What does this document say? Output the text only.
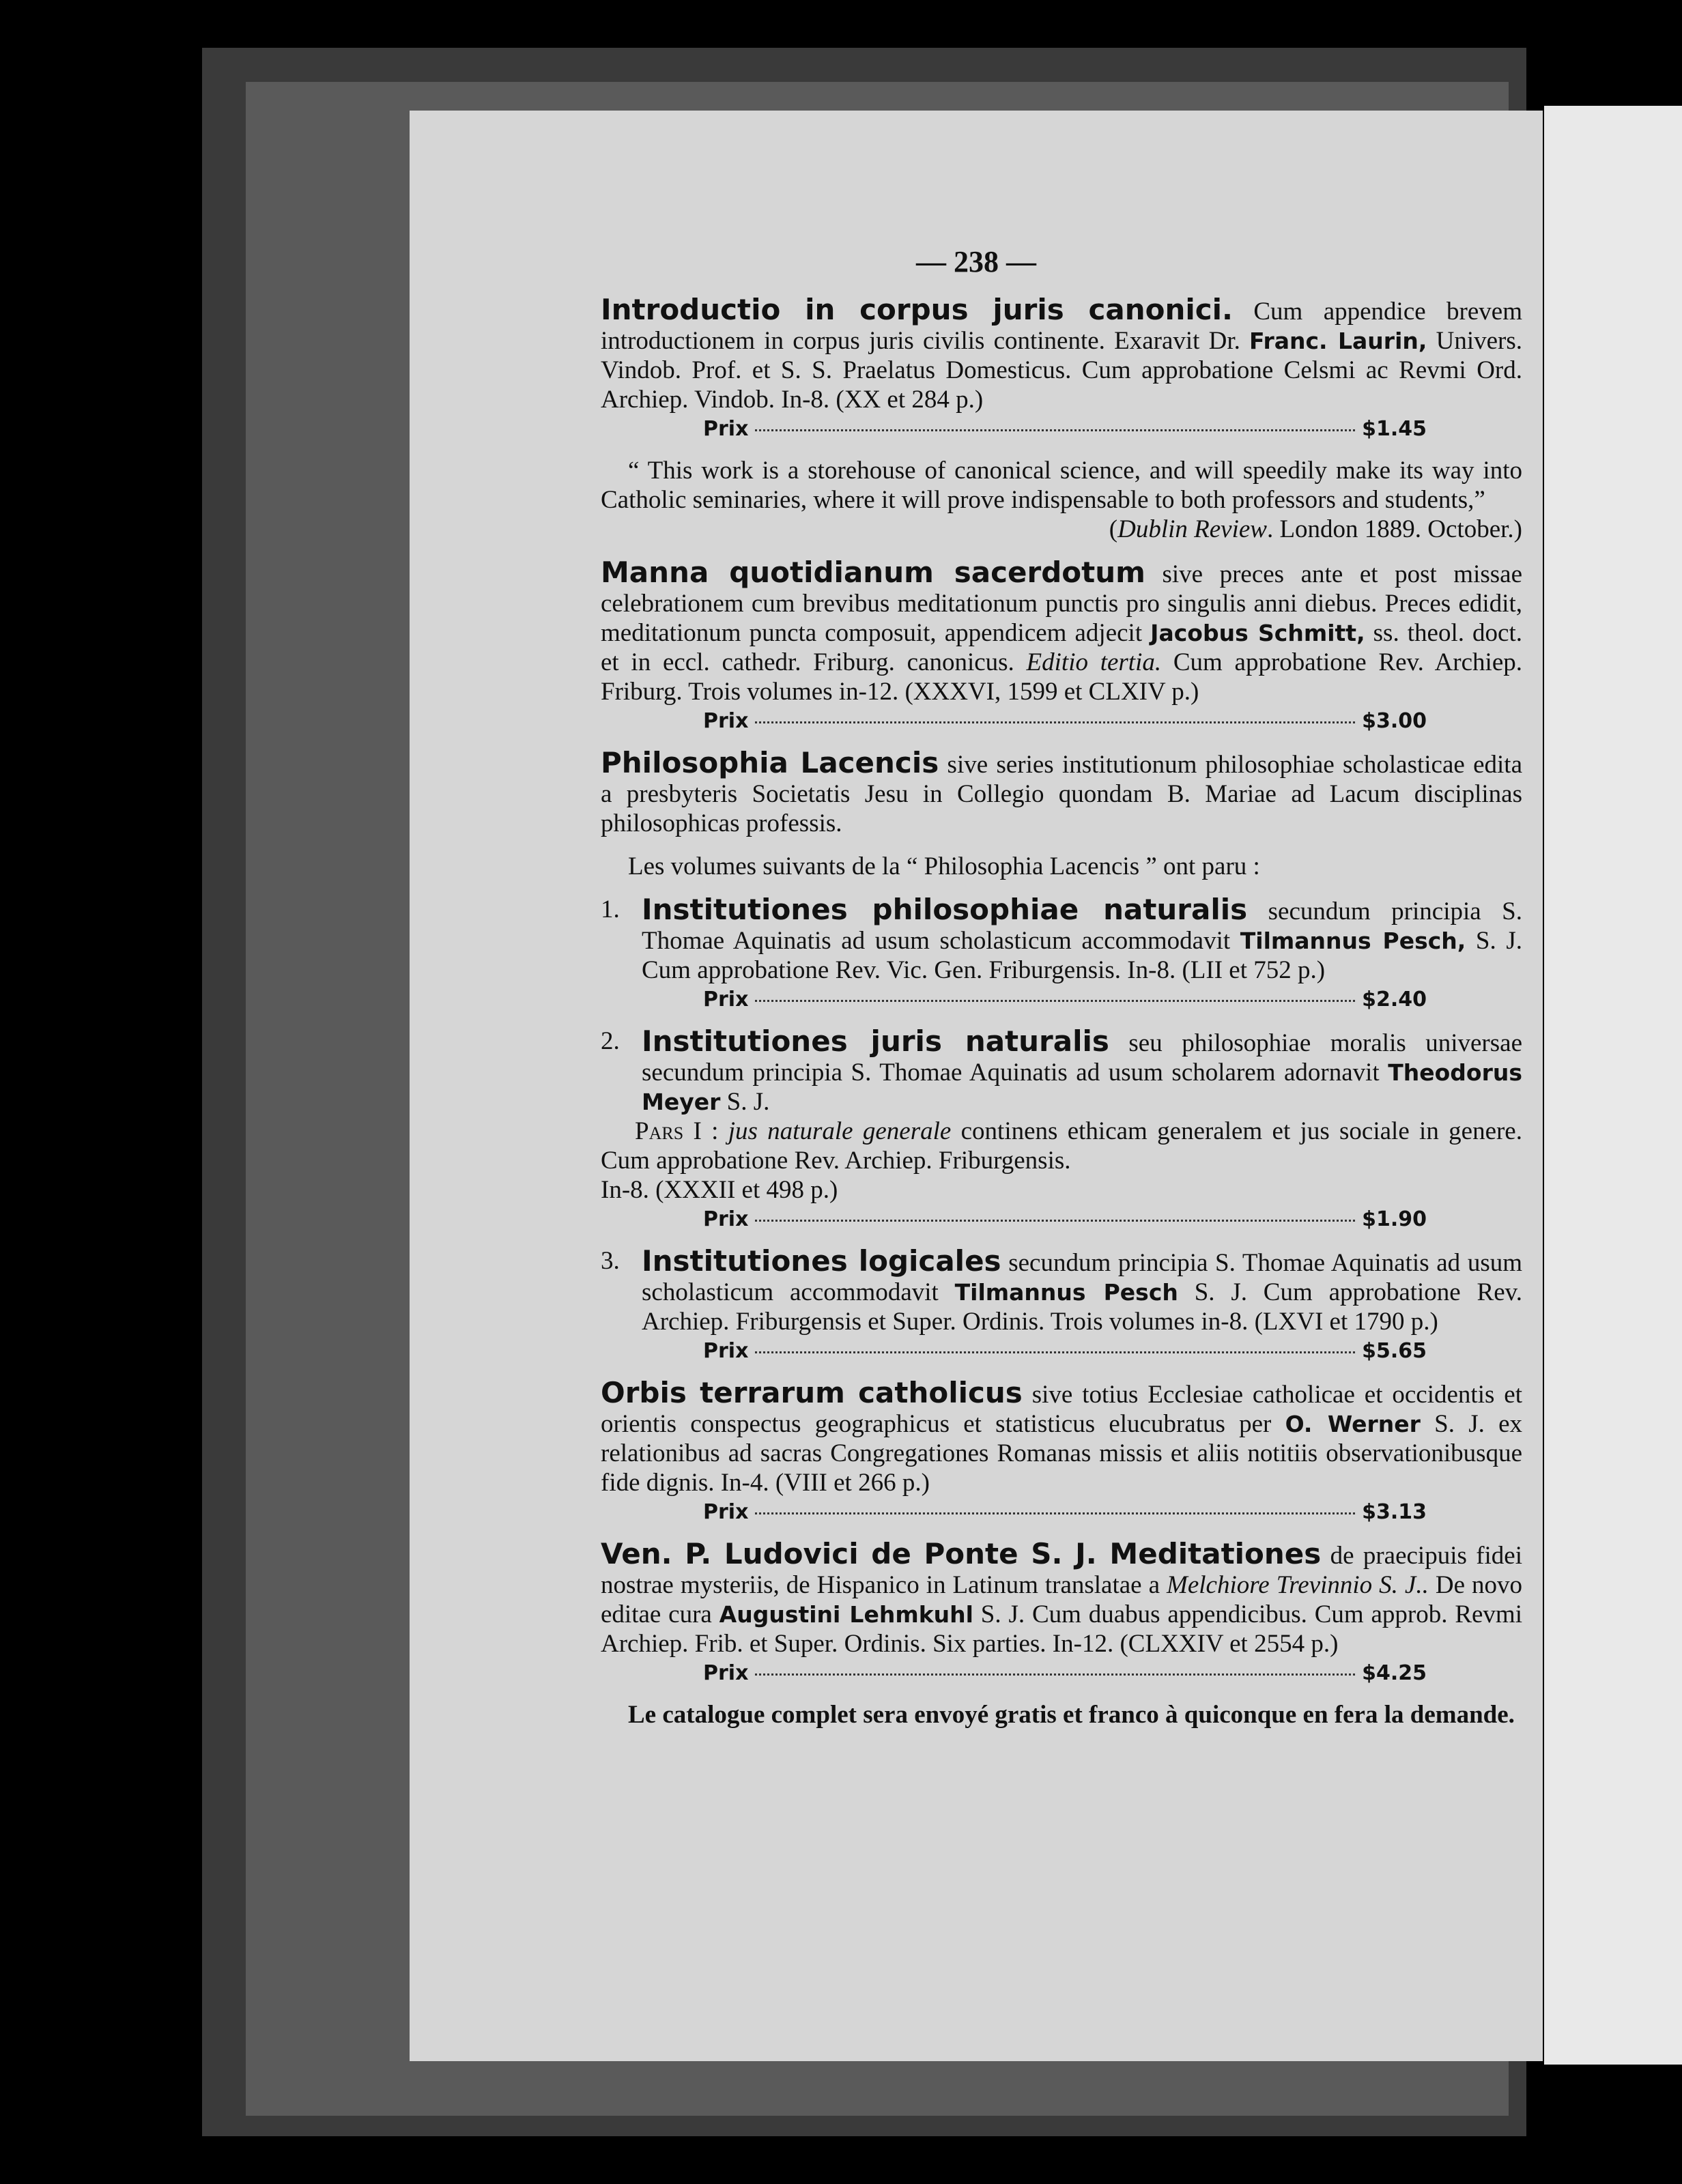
— 238 —
Introductio in corpus juris canonici. Cum appendice brevem introductionem in corpus juris civilis continente. Exaravit Dr. Franc. Laurin, Univers. Vindob. Prof. et S. S. Praelatus Domesticus. Cum approbatione Celsmi ac Revmi Ord. Archiep. Vindob. In-8. (XX et 284 p.)
Prix	$1.45
“ This work is a storehouse of canonical science, and will speedily make its way into Catholic seminaries, where it will prove indispensable to both professors and students,”
(Dublin Review. London 1889. October.)
Manna quotidianum sacerdotum sive preces ante et post missae celebrationem cum brevibus meditationum punctis pro singulis anni diebus. Preces edidit, meditationum puncta composuit, appendicem adjecit Jacobus Schmitt, ss. theol. doct. et in eccl. cathedr. Friburg. canonicus. Editio tertia. Cum approbatione Rev. Archiep. Friburg. Trois volumes in-12. (XXXVI, 1599 et CLXIV p.)
Prix	$3.00
Philosophia Lacencis sive series institutionum philosophiae scholasticae edita a presbyteris Societatis Jesu in Collegio quondam B. Mariae ad Lacum disciplinas philosophicas professis.
Les volumes suivants de la “ Philosophia Lacencis ” ont paru :
1. Institutiones philosophiae naturalis secundum principia S. Thomae Aquinatis ad usum scholasticum accommodavit Tilmannus Pesch, S. J. Cum approbatione Rev. Vic. Gen. Friburgensis. In-8. (LII et 752 p.)
Prix	$2.40
2. Institutiones juris naturalis seu philosophiae moralis universae secundum principia S. Thomae Aquinatis ad usum scholarem adornavit Theodorus Meyer S. J.
Pars I : jus naturale generale continens ethicam generalem et jus sociale in genere. Cum approbatione Rev. Archiep. Friburgensis.
In-8. (XXXII et 498 p.)
Prix	$1.90
3. Institutiones logicales secundum principia S. Thomae Aquinatis ad usum scholasticum accommodavit Tilmannus Pesch S. J. Cum approbatione Rev. Archiep. Friburgensis et Super. Ordinis. Trois volumes in-8. (LXVI et 1790 p.)
Prix	$5.65
Orbis terrarum catholicus sive totius Ecclesiae catholicae et occidentis et orientis conspectus geographicus et statisticus elucubratus per O. Werner S. J. ex relationibus ad sacras Congregationes Romanas missis et aliis notitiis observationibusque fide dignis. In-4. (VIII et 266 p.)
Prix	$3.13
Ven. P. Ludovici de Ponte S. J. Meditationes de praecipuis fidei nostrae mysteriis, de Hispanico in Latinum translatae a Melchiore Trevinnio S. J.. De novo editae cura Augustini Lehmkuhl S. J. Cum duabus appendicibus. Cum approb. Revmi Archiep. Frib. et Super. Ordinis. Six parties. In-12. (CLXXIV et 2554 p.)
Prix	$4.25
Le catalogue complet sera envoyé gratis et franco à quiconque en fera la demande.
